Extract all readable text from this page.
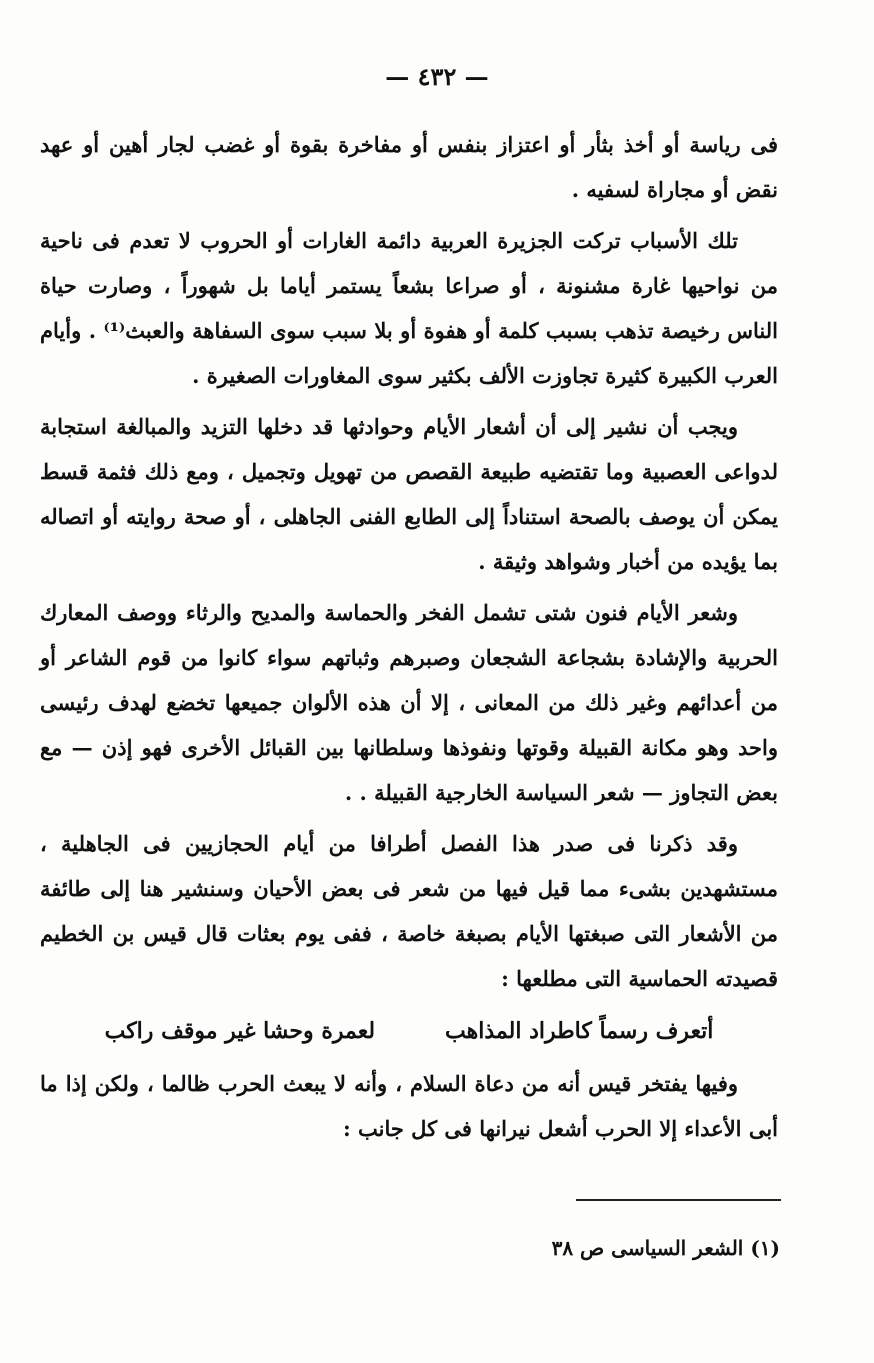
— ٤٣٢ —

فى رياسة أو أخذ بثأر أو اعتزاز بنفس أو مفاخرة بقوة أو غضب لجار أهين أو عهد نقض أو مجاراة لسفيه .

تلك الأسباب تركت الجزيرة العربية دائمة الغارات أو الحروب لا تعدم فى ناحية من نواحيها غارة مشنونة ، أو صراعا بشعاً يستمر أياما بل شهوراً ، وصارت حياة الناس رخيصة تذهب بسبب كلمة أو هفوة أو بلا سبب سوى السفاهة والعبث⁽¹⁾ . وأيام العرب الكبيرة كثيرة تجاوزت الألف بكثير سوى المغاورات الصغيرة .

ويجب أن نشير إلى أن أشعار الأيام وحوادثها قد دخلها التزيد والمبالغة استجابة لدواعى العصبية وما تقتضيه طبيعة القصص من تهويل وتجميل ، ومع ذلك فثمة قسط يمكن أن يوصف بالصحة استناداً إلى الطابع الفنى الجاهلى ، أو صحة روايته أو اتصاله بما يؤيده من أخبار وشواهد وثيقة .

وشعر الأيام فنون شتى تشمل الفخر والحماسة والمديح والرثاء ووصف المعارك الحربية والإشادة بشجاعة الشجعان وصبرهم وثباتهم سواء كانوا من قوم الشاعر أو من أعدائهم وغير ذلك من المعانى ، إلا أن هذه الألوان جميعها تخضع لهدف رئيسى واحد وهو مكانة القبيلة وقوتها ونفوذها وسلطانها بين القبائل الأخرى فهو إذن — مع بعض التجاوز — شعر السياسة الخارجية القبيلة . .

وقد ذكرنا فى صدر هذا الفصل أطرافا من أيام الحجازيين فى الجاهلية ، مستشهدين بشىء مما قيل فيها من شعر فى بعض الأحيان وسنشير هنا إلى طائفة من الأشعار التى صبغتها الأيام بصبغة خاصة ، ففى يوم بعثات قال قيس بن الخطيم قصيدته الحماسية التى مطلعها :

أتعرف رسماً كاطراد المذاهب
لعمرة وحشا غير موقف راكب

وفيها يفتخر قيس أنه من دعاة السلام ، وأنه لا يبعث الحرب ظالما ، ولكن إذا ما أبى الأعداء إلا الحرب أشعل نيرانها فى كل جانب :

(١) الشعر السياسى ص ٣٨
